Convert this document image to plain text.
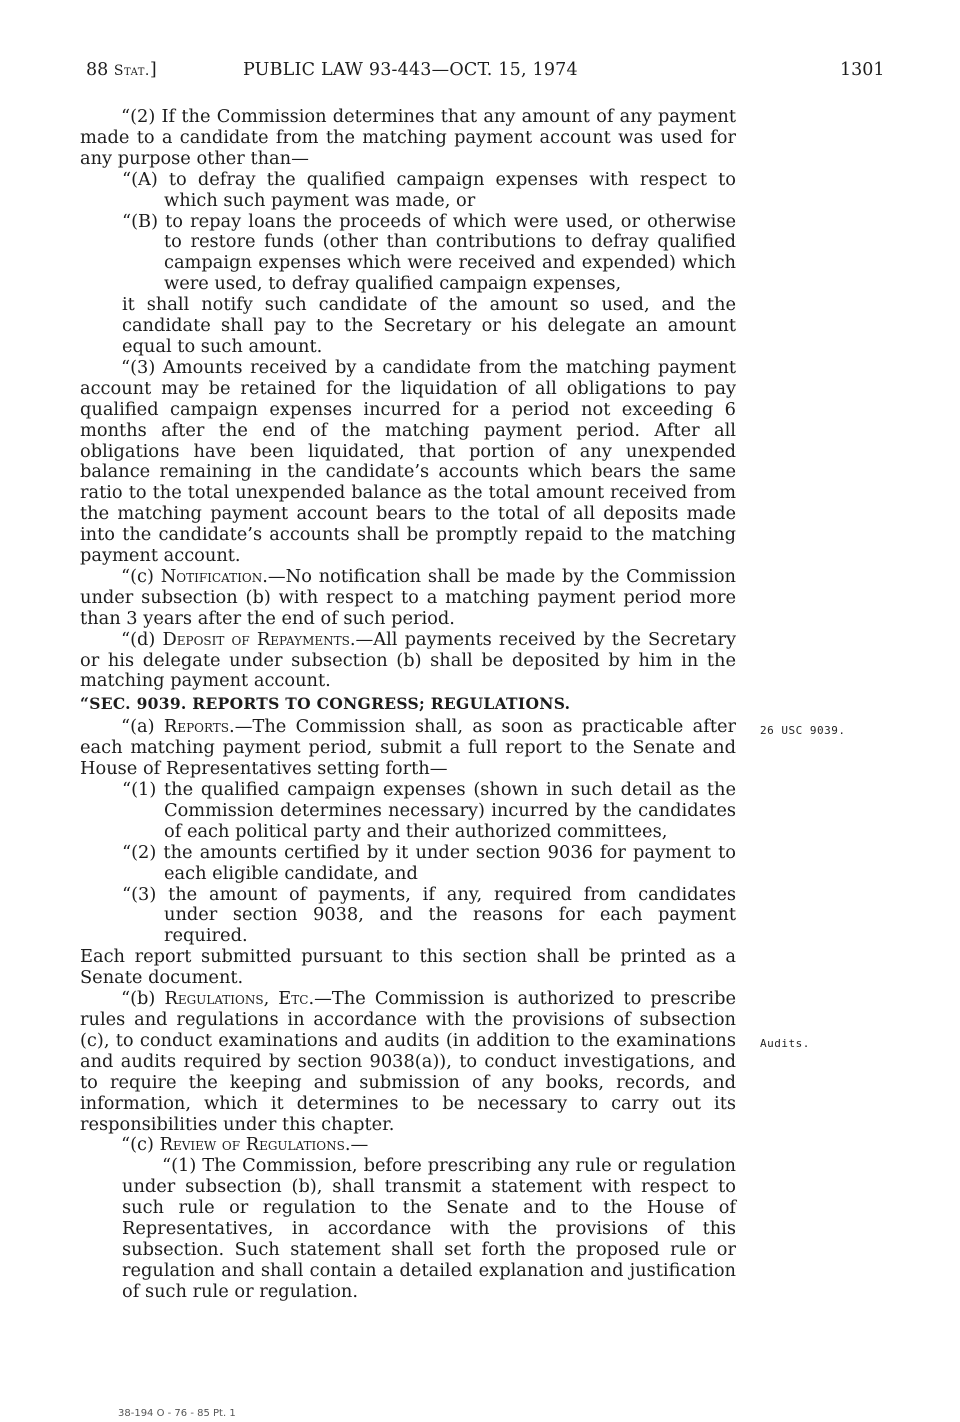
88 Stat.]	PUBLIC LAW 93-443—OCT. 15, 1974	1301

“(2) If the Commission determines that any amount of any payment made to a candidate from the matching payment account was used for any purpose other than—

“(A) to defray the qualified campaign expenses with respect to which such payment was made, or

“(B) to repay loans the proceeds of which were used, or otherwise to restore funds (other than contributions to defray qualified campaign expenses which were received and expended) which were used, to defray qualified campaign expenses,

it shall notify such candidate of the amount so used, and the candidate shall pay to the Secretary or his delegate an amount equal to such amount.

“(3) Amounts received by a candidate from the matching payment account may be retained for the liquidation of all obligations to pay qualified campaign expenses incurred for a period not exceeding 6 months after the end of the matching payment period. After all obligations have been liquidated, that portion of any unexpended balance remaining in the candidate’s accounts which bears the same ratio to the total unexpended balance as the total amount received from the matching payment account bears to the total of all deposits made into the candidate’s accounts shall be promptly repaid to the matching payment account.

“(c) Notification.—No notification shall be made by the Commission under subsection (b) with respect to a matching payment period more than 3 years after the end of such period.

“(d) Deposit of Repayments.—All payments received by the Secretary or his delegate under subsection (b) shall be deposited by him in the matching payment account.

“SEC. 9039. REPORTS TO CONGRESS; REGULATIONS.

“(a) Reports.—The Commission shall, as soon as practicable after each matching payment period, submit a full report to the Senate and House of Representatives setting forth—

“(1) the qualified campaign expenses (shown in such detail as the Commission determines necessary) incurred by the candidates of each political party and their authorized committees,

“(2) the amounts certified by it under section 9036 for payment to each eligible candidate, and

“(3) the amount of payments, if any, required from candidates under section 9038, and the reasons for each payment required.

Each report submitted pursuant to this section shall be printed as a Senate document.

“(b) Regulations, Etc.—The Commission is authorized to prescribe rules and regulations in accordance with the provisions of subsection (c), to conduct examinations and audits (in addition to the examinations and audits required by section 9038(a)), to conduct investigations, and to require the keeping and submission of any books, records, and information, which it determines to be necessary to carry out its responsibilities under this chapter.

“(c) Review of Regulations.—

“(1) The Commission, before prescribing any rule or regulation under subsection (b), shall transmit a statement with respect to such rule or regulation to the Senate and to the House of Representatives, in accordance with the provisions of this subsection. Such statement shall set forth the proposed rule or regulation and shall contain a detailed explanation and justification of such rule or regulation.

26 USC 9039.
Audits.
38-194 O - 76 - 85 Pt. 1
